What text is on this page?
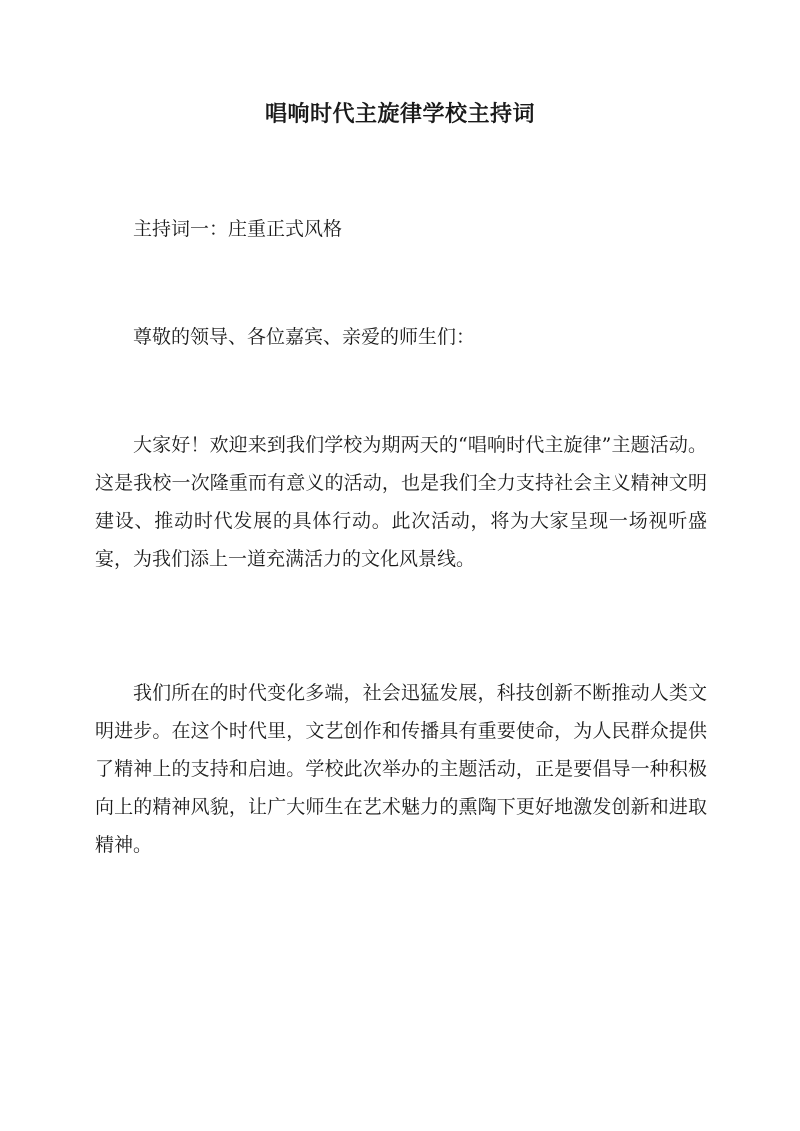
唱响时代主旋律学校主持词

主持词一：庄重正式风格

尊敬的领导、各位嘉宾、亲爱的师生们：

大家好！欢迎来到我们学校为期两天的“唱响时代主旋律”主题活动。这是我校一次隆重而有意义的活动，也是我们全力支持社会主义精神文明建设、推动时代发展的具体行动。此次活动，将为大家呈现一场视听盛宴，为我们添上一道充满活力的文化风景线。

我们所在的时代变化多端，社会迅猛发展，科技创新不断推动人类文明进步。在这个时代里，文艺创作和传播具有重要使命，为人民群众提供了精神上的支持和启迪。学校此次举办的主题活动，正是要倡导一种积极向上的精神风貌，让广大师生在艺术魅力的熏陶下更好地激发创新和进取精神。
